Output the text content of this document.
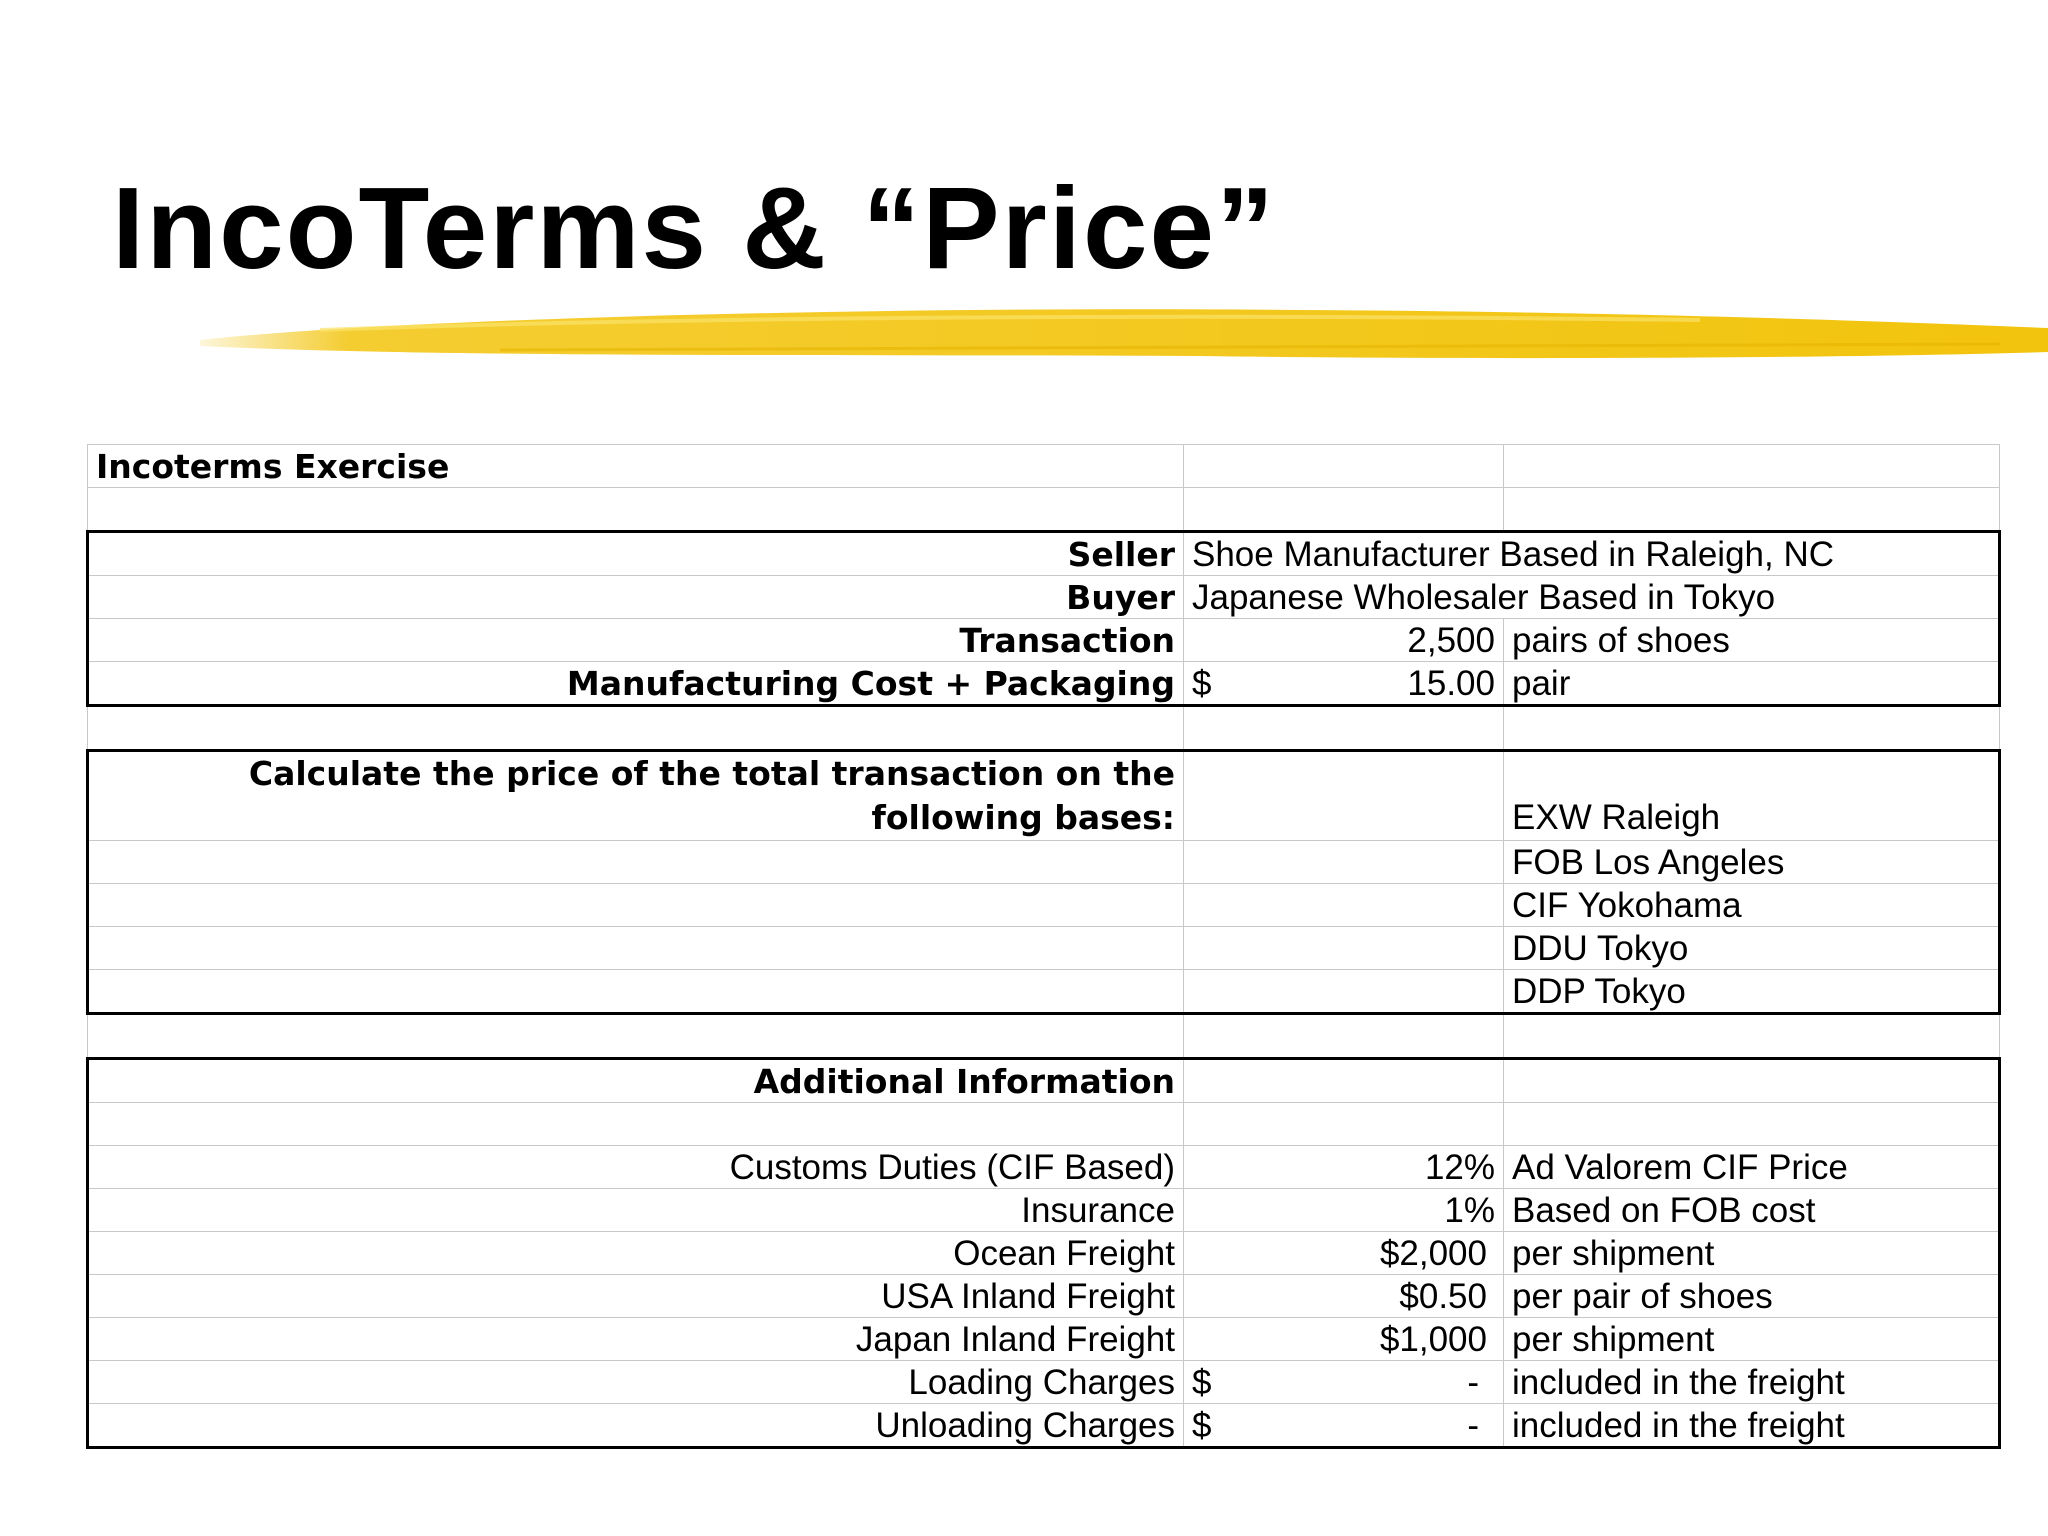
IncoTerms & “Price”
Incoterms Exercise		

Seller	Shoe Manufacturer Based in Raleigh, NC	
Buyer	Japanese Wholesaler Based in Tokyo	
Transaction	2,500	pairs of shoes
Manufacturing Cost + Packaging	$ 15.00	pair

Calculate the price of the total transaction on the following bases:		EXW Raleigh
		FOB Los Angeles
		CIF Yokohama
		DDU Tokyo
		DDP Tokyo

Additional Information		

Customs Duties (CIF Based)	12%	Ad Valorem CIF Price
Insurance	1%	Based on FOB cost
Ocean Freight	$2,000	per shipment
USA Inland Freight	$0.50	per pair of shoes
Japan Inland Freight	$1,000	per shipment
Loading Charges	$ -	included in the freight
Unloading Charges	$ -	included in the freight
